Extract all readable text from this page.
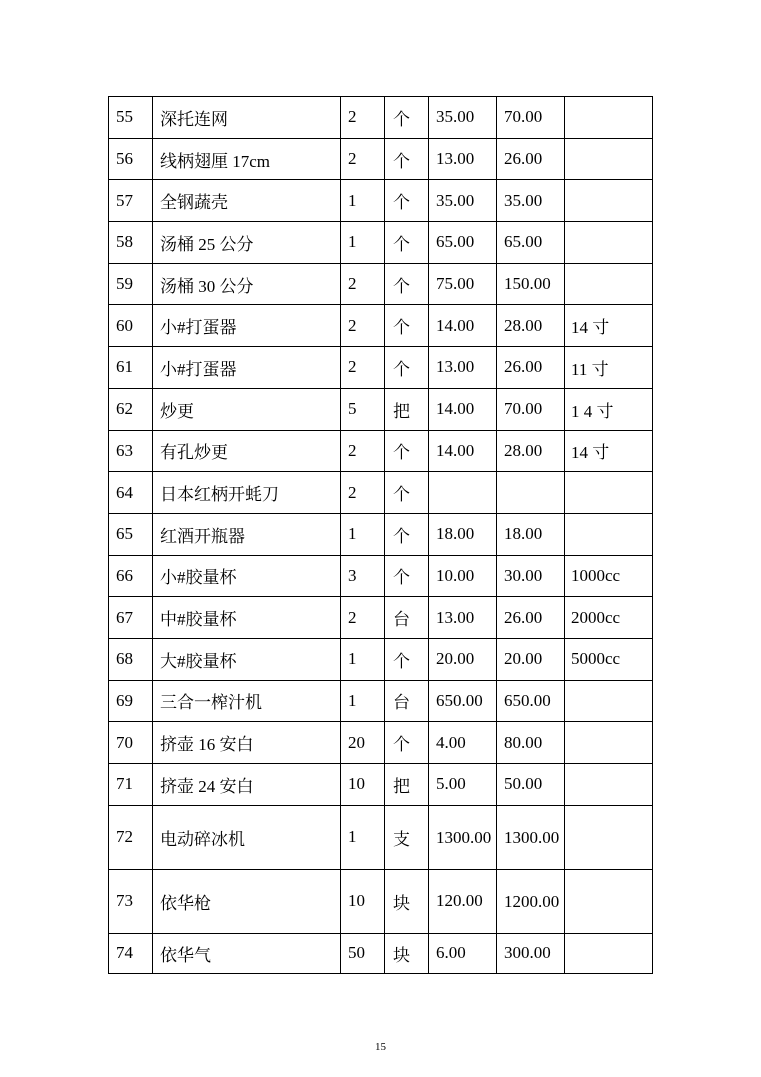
55	深托连网	2	个	35.00	70.00	
56	线柄翅厘 17cm	2	个	13.00	26.00	
57	全钢蔬壳	1	个	35.00	35.00	
58	汤桶 25 公分	1	个	65.00	65.00	
59	汤桶 30 公分	2	个	75.00	150.00	
60	小#打蛋器	2	个	14.00	28.00	14 寸
61	小#打蛋器	2	个	13.00	26.00	11 寸
62	炒更	5	把	14.00	70.00	1 4 寸
63	有孔炒更	2	个	14.00	28.00	14 寸
64	日本红柄开蚝刀	2	个			
65	红酒开瓶器	1	个	18.00	18.00	
66	小#胶量杯	3	个	10.00	30.00	1000cc
67	中#胶量杯	2	台	13.00	26.00	2000cc
68	大#胶量杯	1	个	20.00	20.00	5000cc
69	三合一榨汁机	1	台	650.00	650.00	
70	挤壶 16 安白	20	个	4.00	80.00	
71	挤壶 24 安白	10	把	5.00	50.00	
72	电动碎冰机	1	支	1300.00	1300.00	
73	依华枪	10	块	120.00	1200.00	
74	依华气	50	块	6.00	300.00	
15
